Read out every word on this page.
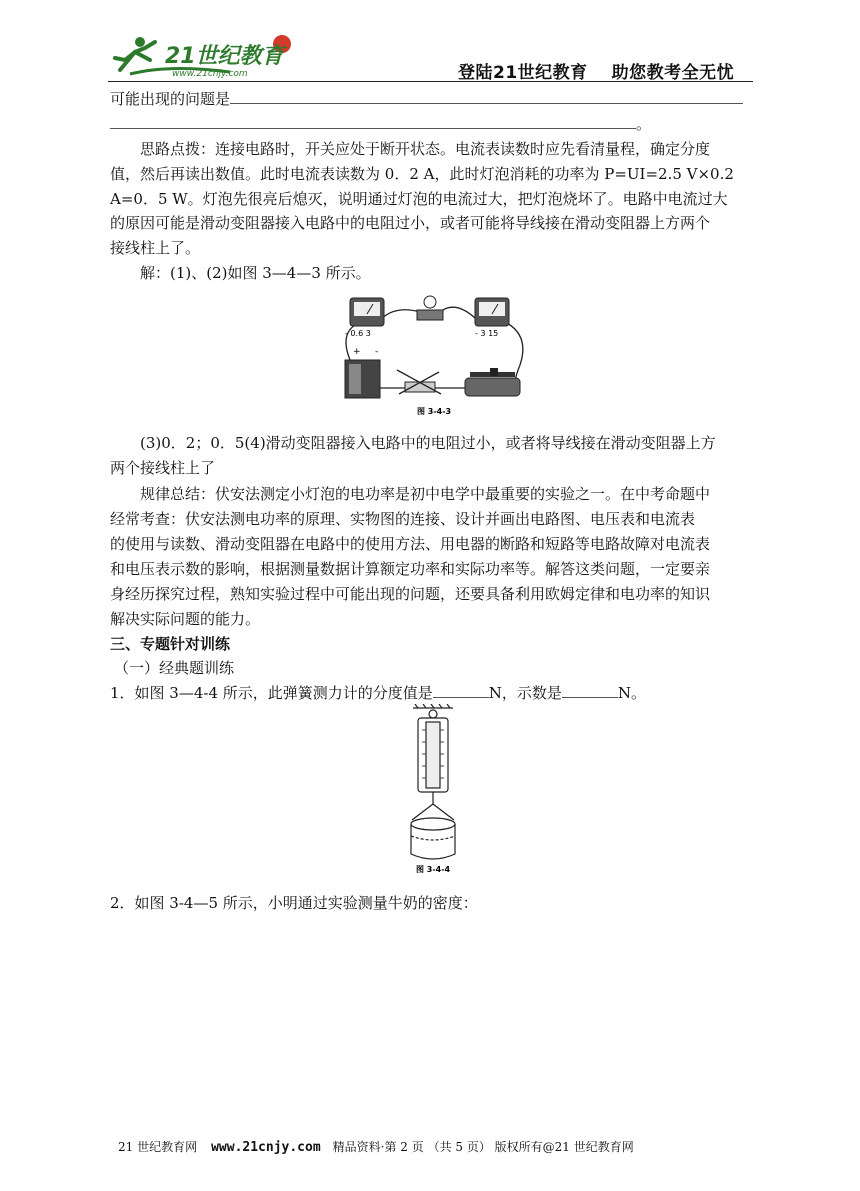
21世纪教育
www.21cnjy.com	登陆21世纪教育 助您教考全无忧
可能出现的问题是
。
思路点拨：连接电路时，开关应处于断开状态。电流表读数时应先看清量程，确定分度
值，然后再读出数值。此时电流表读数为 0．2 A，此时灯泡消耗的功率为 P=UI=2.5 V×0.2
A=0．5 W。灯泡先很亮后熄灭，说明通过灯泡的电流过大，把灯泡烧坏了。电路中电流过大
的原因可能是滑动变阻器接入电路中的电阻过小，或者可能将导线接在滑动变阻器上方两个
接线柱上了。
解：(1)、(2)如图 3—4—3 所示。
- 0.6 3	- 3 15
+ -
图 3-4-3
(3)0．2；0．5(4)滑动变阻器接入电路中的电阻过小，或者将导线接在滑动变阻器上方
两个接线柱上了
规律总结：伏安法测定小灯泡的电功率是初中电学中最重要的实验之一。在中考命题中
经常考查：伏安法测电功率的原理、实物图的连接、设计并画出电路图、电压表和电流表
的使用与读数、滑动变阻器在电路中的使用方法、用电器的断路和短路等电路故障对电流表
和电压表示数的影响，根据测量数据计算额定功率和实际功率等。解答这类问题，一定要亲
身经历探究过程，熟知实验过程中可能出现的问题，还要具备利用欧姆定律和电功率的知识
解决实际问题的能力。
三、专题针对训练
（一）经典题训练
1．如图 3—4-4 所示，此弹簧测力计的分度值是	N，示数是	N。
图 3-4-4
2．如图 3-4—5 所示，小明通过实验测量牛奶的密度：
21 世纪教育网 www.21cnjy.com 精品资料·第 2 页 （共 5 页） 版权所有@21 世纪教育网
